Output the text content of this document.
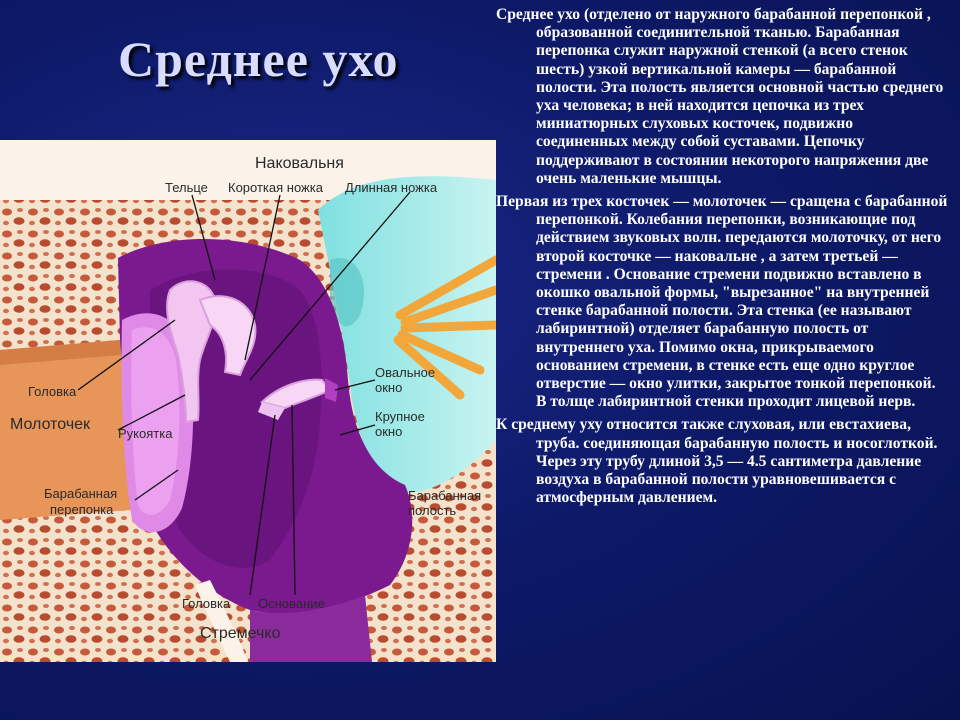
Среднее ухо

Среднее ухо (отделено от наружного барабанной перепонкой , образованной соединительной тканью. Барабанная перепонка служит наружной стенкой (а всего стенок шесть) узкой вертикальной камеры — барабанной полости. Эта полость является основной частью среднего уха человека; в ней находится цепочка из трех миниатюрных слуховых косточек, подвижно соединенных между собой суставами. Цепочку поддерживают в состоянии некоторого напряжения две очень маленькие мышцы.

Первая из трех косточек — молоточек — сращена с барабанной перепонкой. Колебания перепонки, возникающие под действием звуковых волн. передаются молоточку, от него второй косточке — наковальне , а затем третьей — стремени . Основание стремени подвижно вставлено в окошко овальной формы, "вырезанное" на внутренней стенке барабанной полости. Эта стенка (ее называют лабиринтной) отделяет барабанную полость от внутреннего уха. Помимо окна, прикрываемого основанием стремени, в стенке есть еще одно круглое отверстие — окно улитки, закрытое тонкой перепонкой. В толще лабиринтной стенки проходит лицевой нерв.

К среднему уху относится также слуховая, или евстахиева, труба. соединяющая барабанную полость и носоглоткой. Через эту трубу длиной 3,5 — 4.5 сантиметра давление воздуха в барабанной полости уравновешивается с атмосферным давлением.

Наковальня
Тельце Короткая ножка Длинная ножка
Головка
Молоточек
Рукоятка
Барабанная
перепонка
Овальное
окно
Крупное
окно
Барабанная
полость
Головка Основание
Стремечко
